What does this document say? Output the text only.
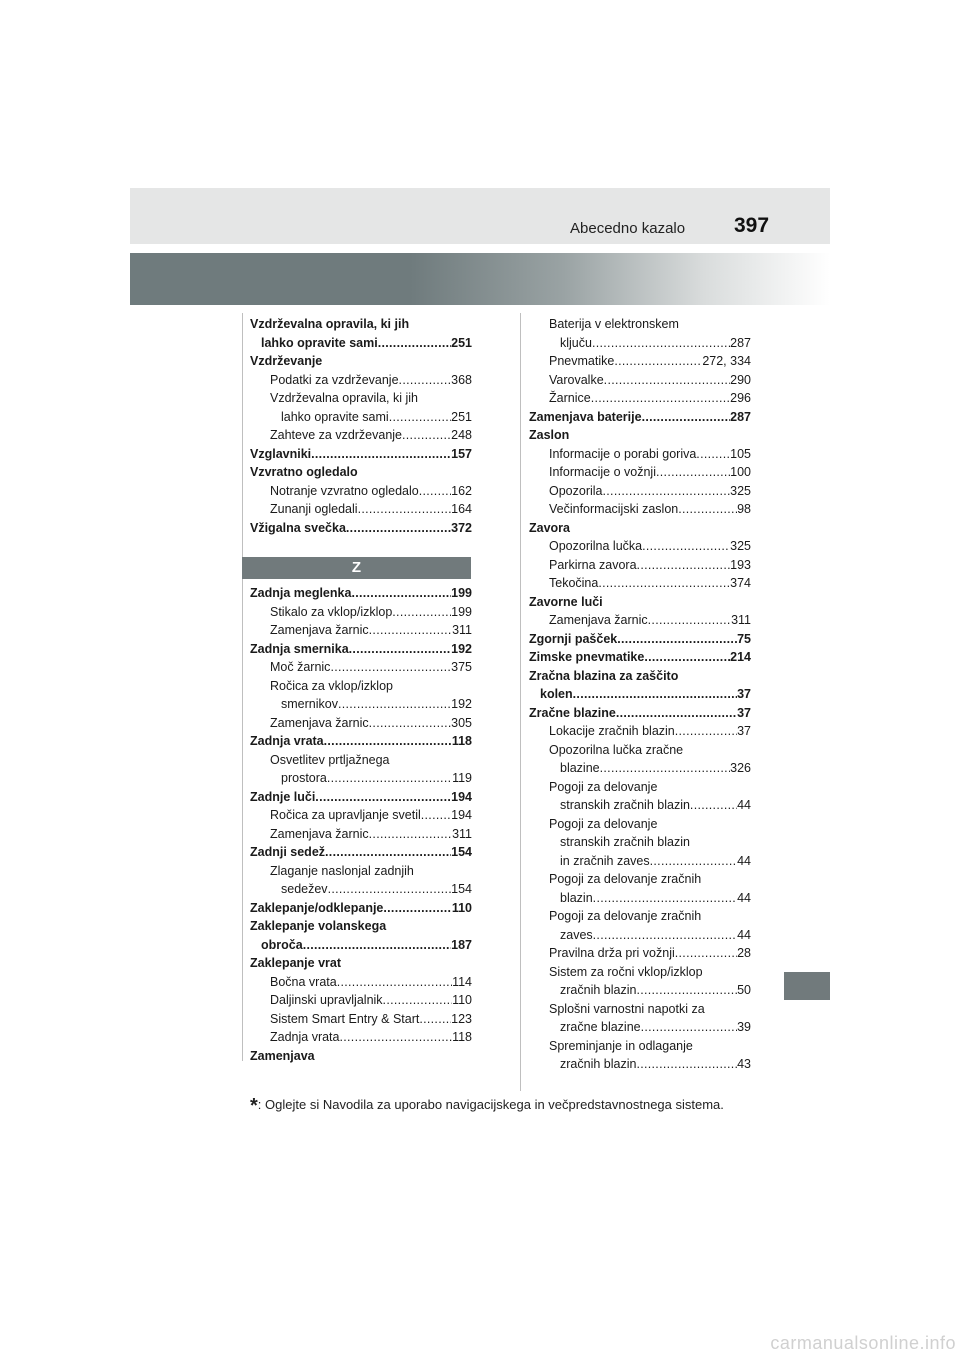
Abecedno kazalo 397
Vzdrževalna opravila, ki jih
lahko opravite sami .....	251
Vzdrževanje
Podatki za vzdrževanje .....	368
Vzdrževalna opravila, ki jih
lahko opravite sami .....	251
Zahteve za vzdrževanje .....	248
Vzglavniki .....	157
Vzvratno ogledalo
Notranje vzvratno ogledalo .....	162
Zunanji ogledali .....	164
Vžigalna svečka .....	372
Z
Zadnja meglenka .....	199
Stikalo za vklop/izklop .....	199
Zamenjava žarnic .....	311
Zadnja smernika .....	192
Moč žarnic .....	375
Ročica za vklop/izklop
smernikov .....	192
Zamenjava žarnic .....	305
Zadnja vrata .....	118
Osvetlitev prtljažnega
prostora .....	119
Zadnje luči .....	194
Ročica za upravljanje svetil ..... 194
Zamenjava žarnic .....	311
Zadnji sedež .....	154
Zlaganje naslonjal zadnjih
sedežev .....	154
Zaklepanje/odklepanje .....	110
Zaklepanje volanskega
obroča .....	187
Zaklepanje vrat
Bočna vrata .....	114
Daljinski upravljalnik .....	110
Sistem Smart Entry & Start .....	123
Zadnja vrata .....	118
Zamenjava
Baterija v elektronskem
ključu .....	287
Pnevmatike .....	272, 334
Varovalke .....	290
Žarnice .....	296
Zamenjava baterije .....	287
Zaslon
Informacije o porabi goriva .....	105
Informacije o vožnji .....	100
Opozorila .....	325
Večinformacijski zaslon .....	98
Zavora
Opozorilna lučka .....	325
Parkirna zavora .....	193
Tekočina .....	374
Zavorne luči
Zamenjava žarnic .....	311
Zgornji pašček .....	75
Zimske pnevmatike .....	214
Zračna blazina za zaščito
kolen .....	37
Zračne blazine .....	37
Lokacije zračnih blazin .....	37
Opozorilna lučka zračne
blazine .....	326
Pogoji za delovanje
stranskih zračnih blazin .....	44
Pogoji za delovanje
stranskih zračnih blazin
in zračnih zaves .....	44
Pogoji za delovanje zračnih
blazin .....	44
Pogoji za delovanje zračnih
zaves .....	44
Pravilna drža pri vožnji .....	28
Sistem za ročni vklop/izklop
zračnih blazin .....	50
Splošni varnostni napotki za
zračne blazine .....	39
Spreminjanje in odlaganje
zračnih blazin .....	43
*: Oglejte si Navodila za uporabo navigacijskega in večpredstavnostnega sistema.
carmanualsonline.info
